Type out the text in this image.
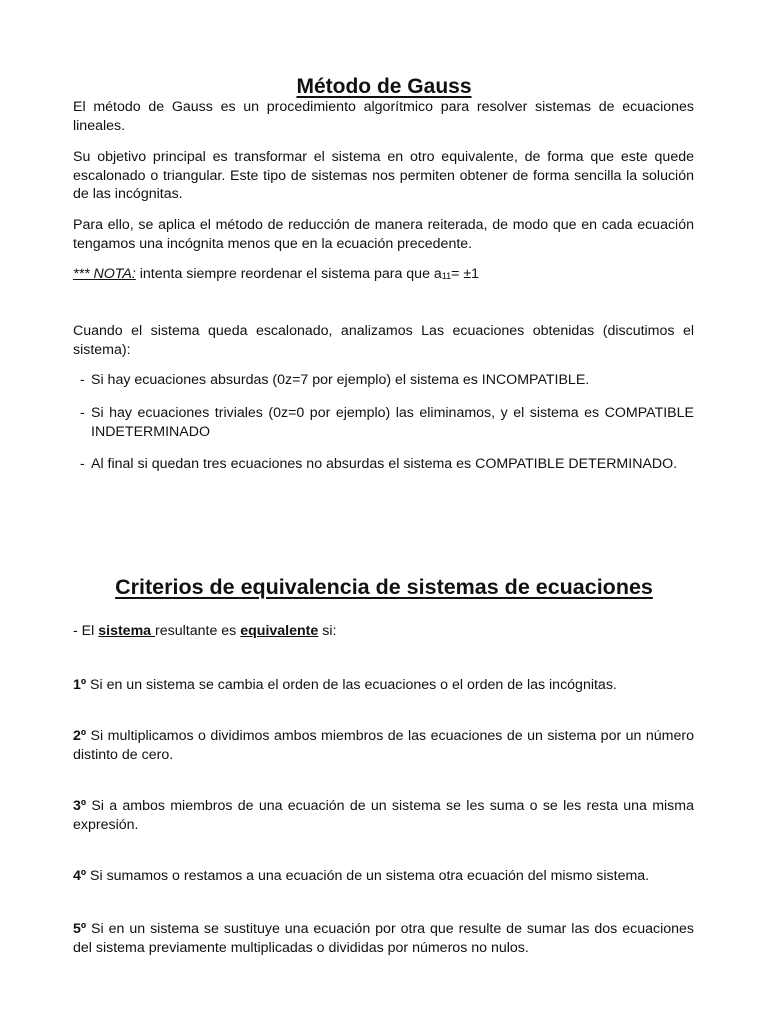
Método de Gauss

El método de Gauss es un procedimiento algorítmico para resolver sistemas de ecuaciones lineales.

Su objetivo principal es transformar el sistema en otro equivalente, de forma que este quede escalonado o triangular. Este tipo de sistemas nos permiten obtener de forma sencilla la solución de las incógnitas.

Para ello, se aplica el método de reducción de manera reiterada, de modo que en cada ecuación tengamos una incógnita menos que en la ecuación precedente.

*** NOTA: intenta siempre reordenar el sistema para que a11= ±1

Cuando el sistema queda escalonado, analizamos Las ecuaciones obtenidas (discutimos el sistema):

- Si hay ecuaciones absurdas (0z=7 por ejemplo) el sistema es INCOMPATIBLE.
- Si hay ecuaciones triviales (0z=0 por ejemplo) las eliminamos, y el sistema es COMPATIBLE INDETERMINADO
- Al final si quedan tres ecuaciones no absurdas el sistema es COMPATIBLE DETERMINADO.
Criterios de equivalencia de sistemas de ecuaciones

- El sistema resultante es equivalente si:

1º Si en un sistema se cambia el orden de las ecuaciones o el orden de las incógnitas.

2º Si multiplicamos o dividimos ambos miembros de las ecuaciones de un sistema por un número distinto de cero.

3º Si a ambos miembros de una ecuación de un sistema se les suma o se les resta una misma expresión.

4º Si sumamos o restamos a una ecuación de un sistema otra ecuación del mismo sistema.

5º Si en un sistema se sustituye una ecuación por otra que resulte de sumar las dos ecuaciones del sistema previamente multiplicadas o divididas por números no nulos.
